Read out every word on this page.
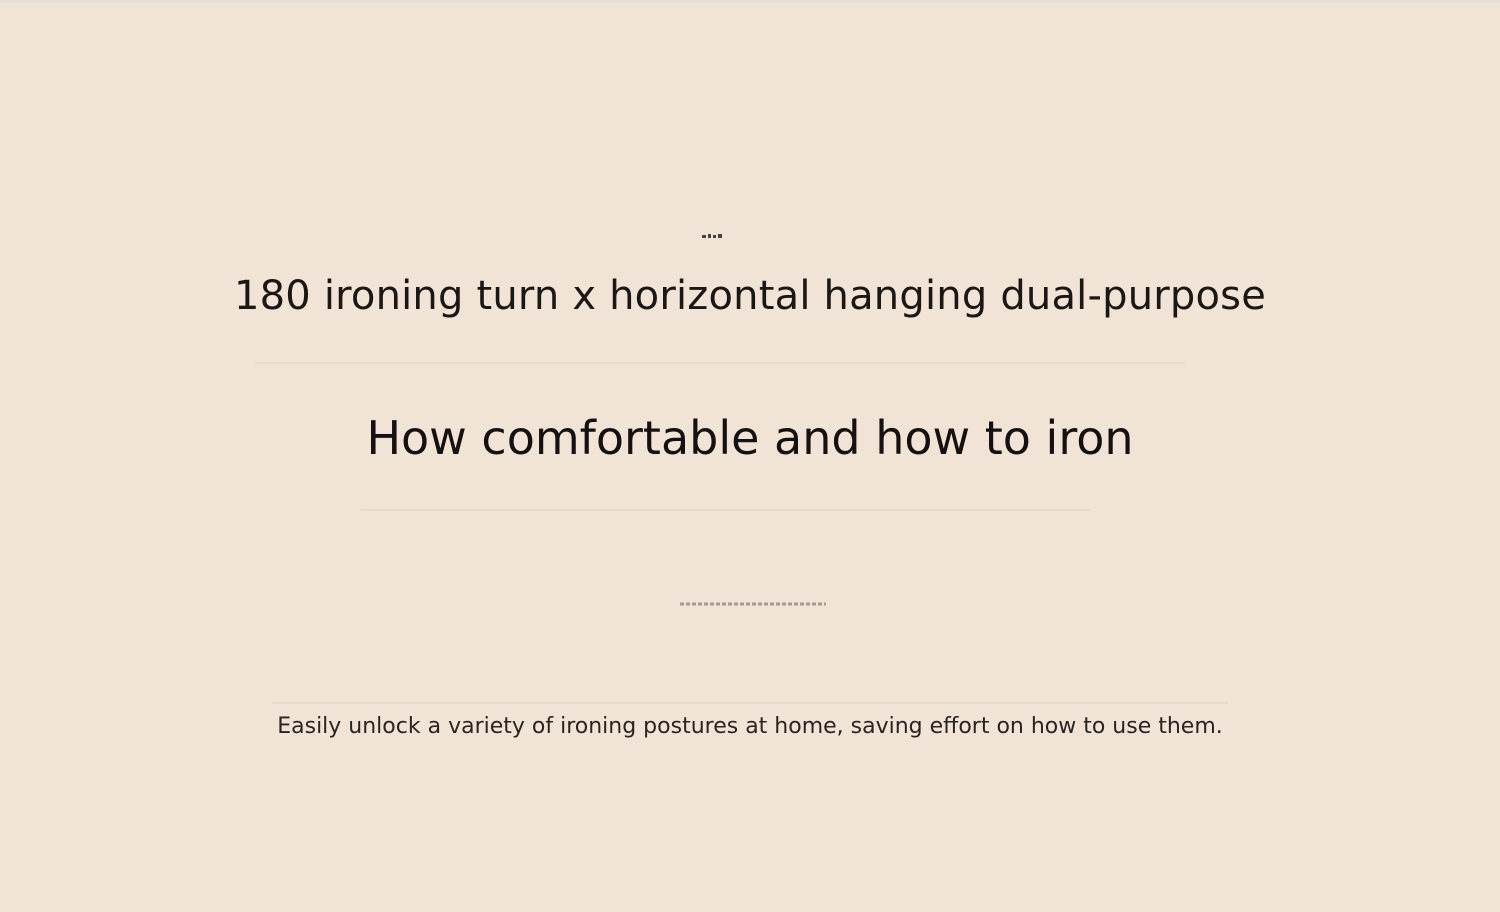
180 ironing turn x horizontal hanging dual-purpose
How comfortable and how to iron
Easily unlock a variety of ironing postures at home, saving effort on how to use them.
